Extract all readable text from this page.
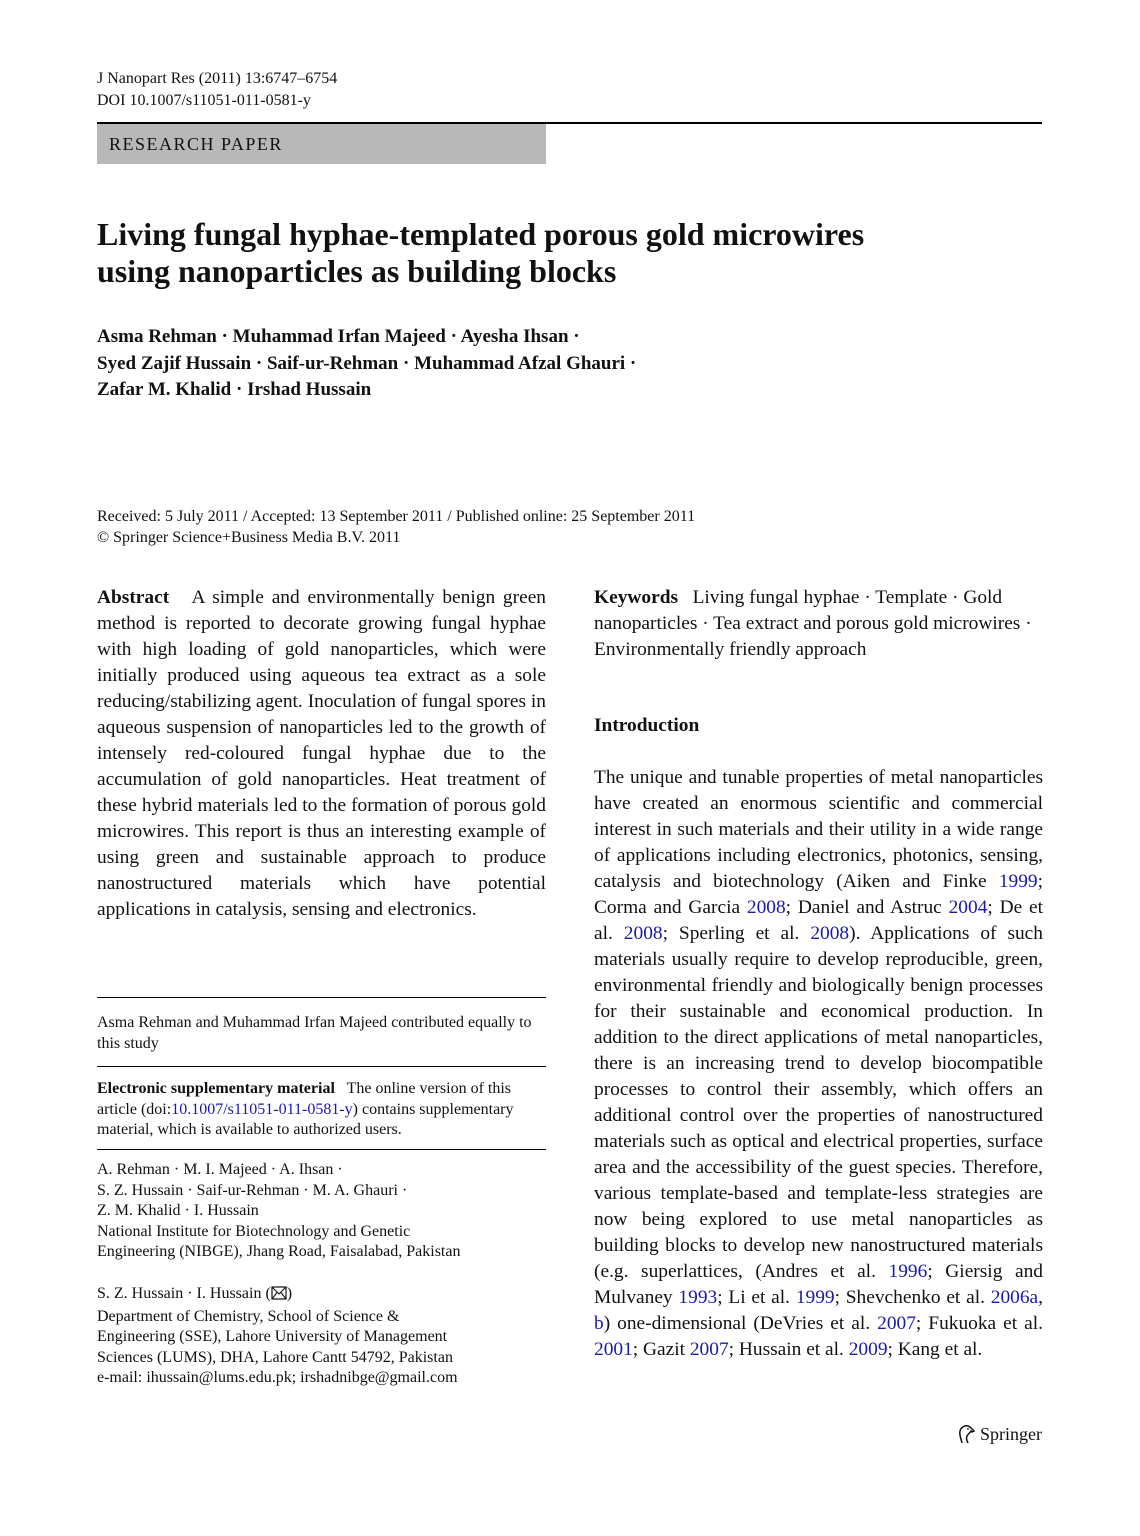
J Nanopart Res (2011) 13:6747–6754
DOI 10.1007/s11051-011-0581-y
RESEARCH PAPER
Living fungal hyphae-templated porous gold microwires
using nanoparticles as building blocks
Asma Rehman · Muhammad Irfan Majeed · Ayesha Ihsan ·
Syed Zajif Hussain · Saif-ur-Rehman · Muhammad Afzal Ghauri ·
Zafar M. Khalid · Irshad Hussain
Received: 5 July 2011 / Accepted: 13 September 2011 / Published online: 25 September 2011
© Springer Science+Business Media B.V. 2011
Abstract A simple and environmentally benign green method is reported to decorate growing fungal hyphae with high loading of gold nanoparticles, which were initially produced using aqueous tea extract as a sole reducing/stabilizing agent. Inoculation of fungal spores in aqueous suspension of nanoparticles led to the growth of intensely red-coloured fungal hyphae due to the accumulation of gold nanoparticles. Heat treatment of these hybrid materials led to the formation of porous gold microwires. This report is thus an interesting example of using green and sustainable approach to produce nanostructured materials which have potential applications in catalysis, sensing and electronics.
Asma Rehman and Muhammad Irfan Majeed contributed equally to this study
Electronic supplementary material The online version of this article (doi:10.1007/s11051-011-0581-y) contains supplementary material, which is available to authorized users.
A. Rehman · M. I. Majeed · A. Ihsan ·
S. Z. Hussain · Saif-ur-Rehman · M. A. Ghauri ·
Z. M. Khalid · I. Hussain
National Institute for Biotechnology and Genetic
Engineering (NIBGE), Jhang Road, Faisalabad, Pakistan
S. Z. Hussain · I. Hussain ( )
Department of Chemistry, School of Science &
Engineering (SSE), Lahore University of Management
Sciences (LUMS), DHA, Lahore Cantt 54792, Pakistan
e-mail: ihussain@lums.edu.pk; irshadnibge@gmail.com
Keywords Living fungal hyphae · Template · Gold nanoparticles · Tea extract and porous gold microwires · Environmentally friendly approach
Introduction
The unique and tunable properties of metal nanoparticles have created an enormous scientific and commercial interest in such materials and their utility in a wide range of applications including electronics, photonics, sensing, catalysis and biotechnology (Aiken and Finke 1999; Corma and Garcia 2008; Daniel and Astruc 2004; De et al. 2008; Sperling et al. 2008). Applications of such materials usually require to develop reproducible, green, environmental friendly and biologically benign processes for their sustainable and economical production. In addition to the direct applications of metal nanoparticles, there is an increasing trend to develop biocompatible processes to control their assembly, which offers an additional control over the properties of nanostructured materials such as optical and electrical properties, surface area and the accessibility of the guest species. Therefore, various template-based and template-less strategies are now being explored to use metal nanoparticles as building blocks to develop new nanostructured materials (e.g. superlattices, (Andres et al. 1996; Giersig and Mulvaney 1993; Li et al. 1999; Shevchenko et al. 2006a, b) one-dimensional (DeVries et al. 2007; Fukuoka et al. 2001; Gazit 2007; Hussain et al. 2009; Kang et al.
Springer
